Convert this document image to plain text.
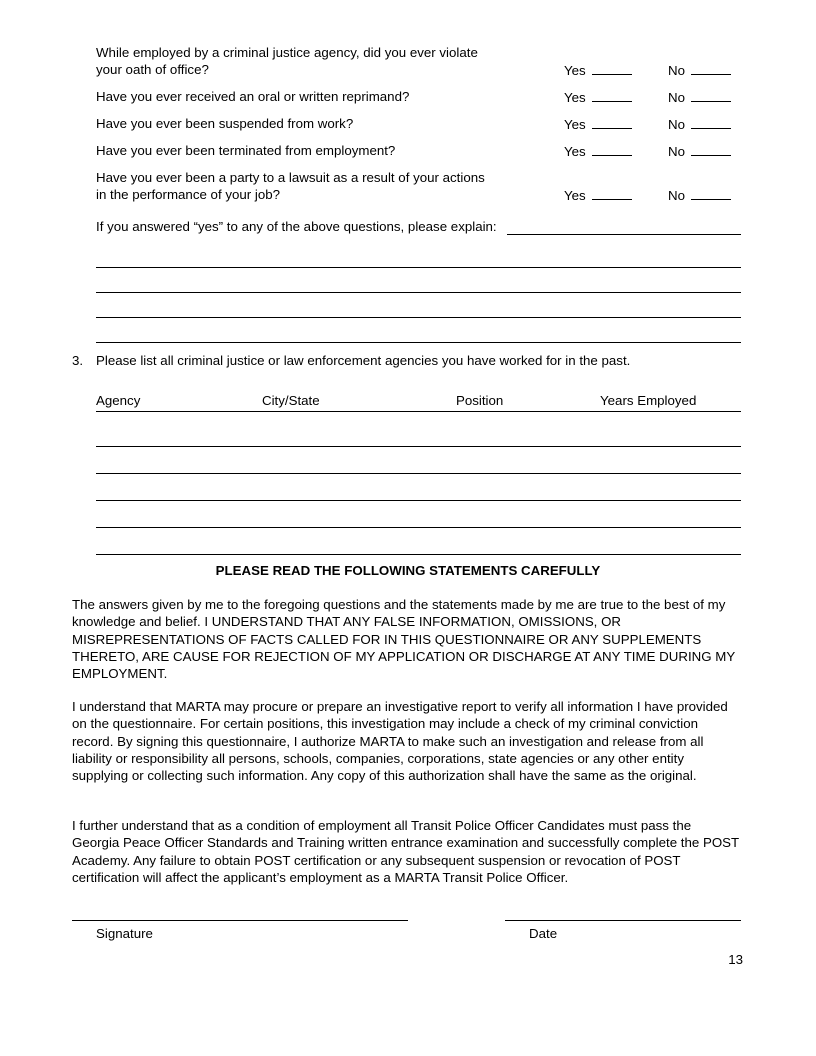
While employed by a criminal justice agency, did you ever violate
your oath of office?	Yes	No
Have you ever received an oral or written reprimand?	Yes	No
Have you ever been suspended from work?	Yes	No
Have you ever been terminated from employment?	Yes	No
Have you ever been a party to a lawsuit as a result of your actions
in the performance of your job?	Yes	No
If you answered “yes” to any of the above questions, please explain:
3. Please list all criminal justice or law enforcement agencies you have worked for in the past.
Agency	City/State	Position	Years Employed
PLEASE READ THE FOLLOWING STATEMENTS CAREFULLY

The answers given by me to the foregoing questions and the statements made by me are true to the best of my knowledge and belief. I UNDERSTAND THAT ANY FALSE INFORMATION, OMISSIONS, OR MISREPRESENTATIONS OF FACTS CALLED FOR IN THIS QUESTIONNAIRE OR ANY SUPPLEMENTS THERETO, ARE CAUSE FOR REJECTION OF MY APPLICATION OR DISCHARGE AT ANY TIME DURING MY EMPLOYMENT.

I understand that MARTA may procure or prepare an investigative report to verify all information I have provided on the questionnaire. For certain positions, this investigation may include a check of my criminal conviction record. By signing this questionnaire, I authorize MARTA to make such an investigation and release from all liability or responsibility all persons, schools, companies, corporations, state agencies or any other entity supplying or collecting such information. Any copy of this authorization shall have the same as the original.

I further understand that as a condition of employment all Transit Police Officer Candidates must pass the Georgia Peace Officer Standards and Training written entrance examination and successfully complete the POST Academy. Any failure to obtain POST certification or any subsequent suspension or revocation of POST certification will affect the applicant’s employment as a MARTA Transit Police Officer.

Signature	Date
13
